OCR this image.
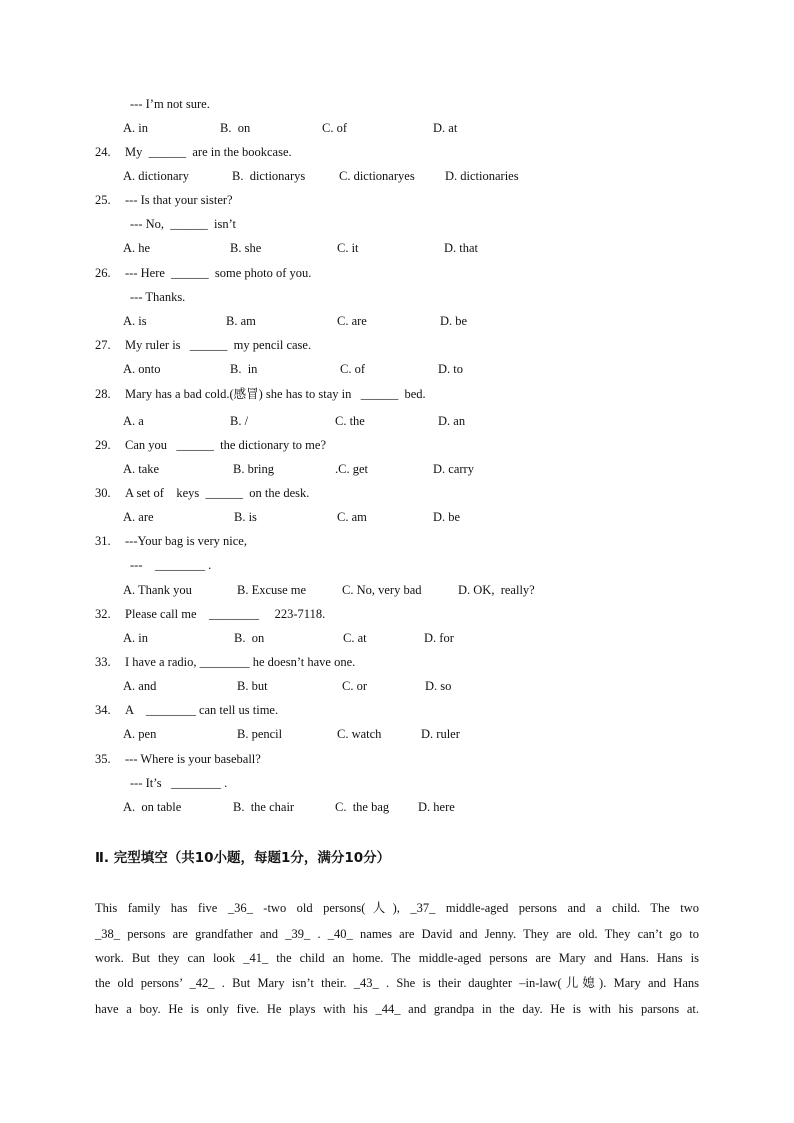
--- I’m not sure.
A. in	B.  on	C. of	D. at
24. My  ______  are in the bookcase.
A. dictionary	B.  dictionarys	C. dictionaryes D. dictionaries
25. --- Is that your sister?
--- No,  ______  isn’t
A. he	B. she	C. it	D. that
26. --- Here  ______  some photo of you.
--- Thanks.
A. is	B. am	C. are	D. be
27. My ruler is   ______  my pencil case.
A. onto	B.  in	C. of	D. to
28. Mary has a bad cold.(感冒) she has to stay in   ______  bed.
A. a	B. /	C. the	D. an
29. Can you   ______  the dictionary to me?
A. take	B. bring	.C. get	D. carry
30. A set of    keys  ______  on the desk.
A. are	B. is	C. am	D. be
31. ---Your bag is very nice,
---    ________ .
A. Thank you	B. Excuse me	C. No, very bad	D. OK,  really?
32. Please call me    ________     223-7118.
A. in	B.  on	C. at	D. for
33. I have a radio, ________ he doesn’t have one.
A. and	B. but	C. or	D. so
34. A    ________ can tell us time.
A. pen	B. pencil	C. watch	D. ruler
35. --- Where is your baseball?
--- It’s   ________ .
A.  on table	B.  the chair	C.  the bag D. here
Ⅱ. 完型填空（共10小题，每题1分，满分10分）
This family has five _36_ -two old persons(人), _37_ middle-aged persons and a child. The two
_38_ persons are grandfather and _39_ . _40_ names are David and Jenny. They are old. They can’t go to
work. But they can look _41_ the child an home. The middle-aged persons are Mary and Hans. Hans is
the old persons’ _42_ . But Mary isn’t their. _43_ . She is their daughter –in-law(儿媳). Mary and Hans
have a boy. He is only five. He plays with his _44_ and grandpa in the day. He is with his parsons at.
